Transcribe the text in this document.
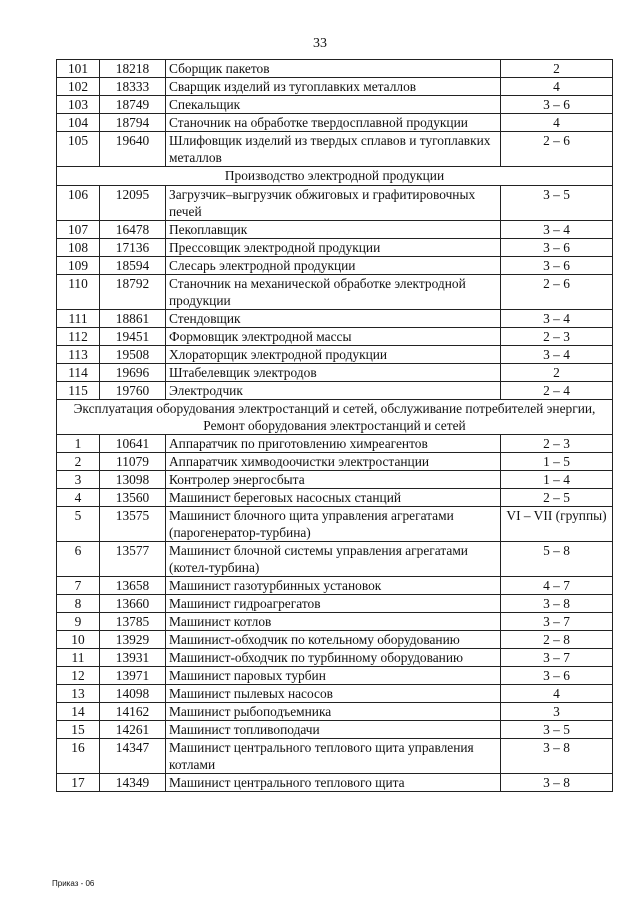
33
101	18218	Сборщик пакетов	2
102	18333	Сварщик изделий из тугоплавких металлов	4
103	18749	Спекальщик	3 – 6
104	18794	Станочник на обработке твердосплавной продукции	4
105	19640	Шлифовщик изделий из твердых сплавов и тугоплавких металлов	2 – 6
Производство электродной продукции			
106	12095	Загрузчик–выгрузчик обжиговых и графитировочных печей	3 – 5
107	16478	Пекоплавщик	3 – 4
108	17136	Прессовщик электродной продукции	3 – 6
109	18594	Слесарь электродной продукции	3 – 6
110	18792	Станочник на механической обработке электродной продукции	2 – 6
111	18861	Стендовщик	3 – 4
112	19451	Формовщик электродной массы	2 – 3
113	19508	Хлораторщик электродной продукции	3 – 4
114	19696	Штабелевщик электродов	2
115	19760	Электродчик	2 – 4
Эксплуатация оборудования электростанций и сетей, обслуживание потребителей энергии, Ремонт оборудования электростанций и сетей			
1	10641	Аппаратчик по приготовлению химреагентов	2 – 3
2	11079	Аппаратчик химводоочистки электростанции	1 – 5
3	13098	Контролер энергосбыта	1 – 4
4	13560	Машинист береговых насосных станций	2 – 5
5	13575	Машинист блочного щита управления агрегатами (парогенератор-турбина)	VI – VII (группы)
6	13577	Машинист блочной системы управления агрегатами (котел-турбина)	5 – 8
7	13658	Машинист газотурбинных установок	4 – 7
8	13660	Машинист гидроагрегатов	3 – 8
9	13785	Машинист котлов	3 – 7
10	13929	Машинист-обходчик по котельному оборудованию	2 – 8
11	13931	Машинист-обходчик по турбинному оборудованию	3 – 7
12	13971	Машинист паровых турбин	3 – 6
13	14098	Машинист пылевых насосов	4
14	14162	Машинист рыбоподъемника	3
15	14261	Машинист топливоподачи	3 – 5
16	14347	Машинист центрального теплового щита управления котлами	3 – 8
17	14349	Машинист центрального теплового щита	3 – 8
Приказ - 06
